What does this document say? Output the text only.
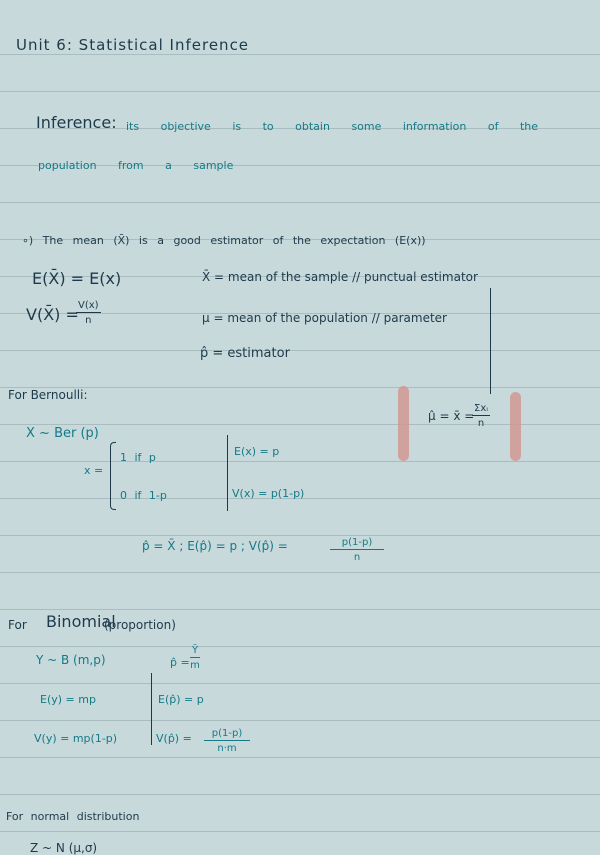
Unit 6: Statistical Inference
Inference: its objective is to obtain some information of the
population from a sample
∘) The mean (X̄) is a good estimator of the expectation (E(x))
E(X̄) = E(x)
V(X̄) =
$\frac{V(x)}{n}$
X̄ = mean of the sample // punctual estimator
μ = mean of the population // parameter
p̂ = estimator
μ̂ = x̄ =
Σxᵢ
n
For Bernoulli:
X ~ Ber (p)
x =
1 if p
0 if 1-p
E(x) = p
V(x) = p(1-p)
p̂ = X̄ ; E(p̂) = p ; V(p̂) =	$\frac{p(1-p)}{n}$
For Binomial
(proportion)
Y ~ B (m,p)
E(y) = mp
V(y) = mp(1-p)
p̂ = $\frac{Ȳ}{m}$
E(p̂) = p
V(p̂) = $\frac{p(1-p)}{n\cdot m}$
For normal distribution
Z ~ N (μ,σ)
